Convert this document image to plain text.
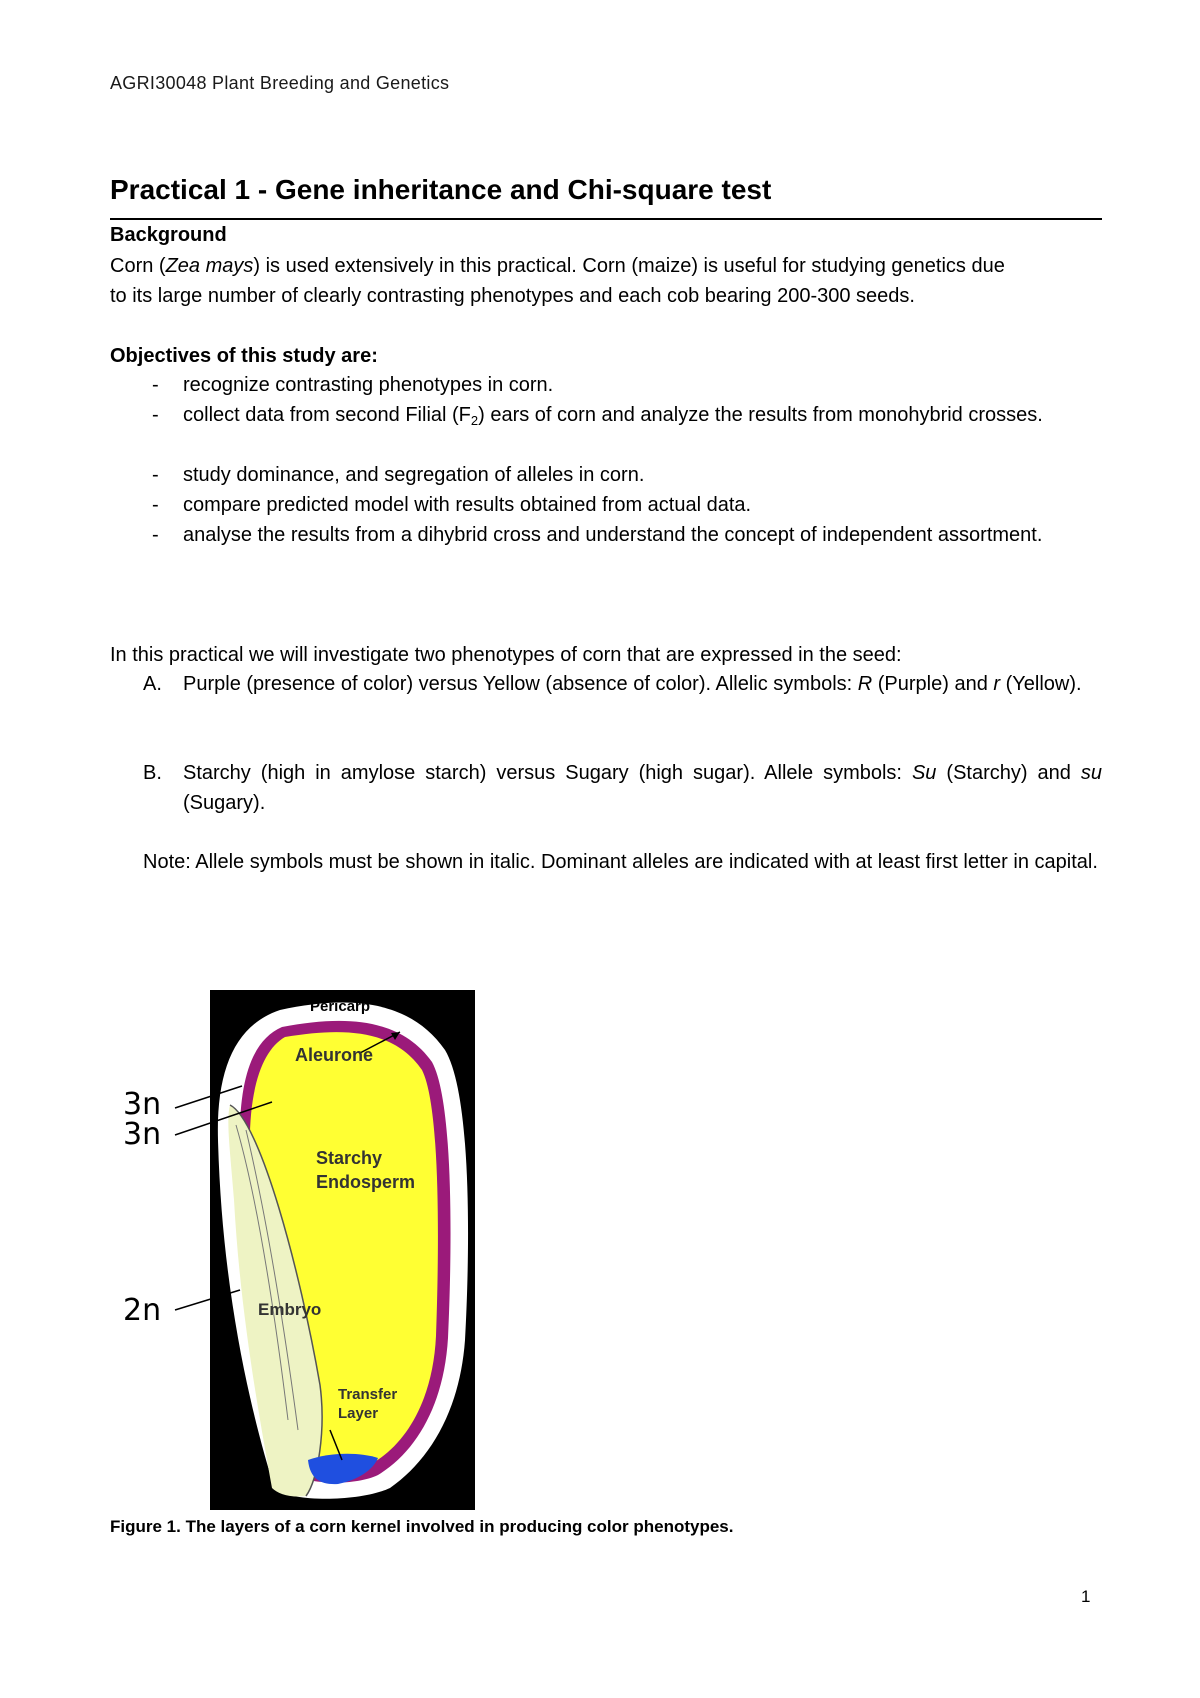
AGRI30048 Plant Breeding and Genetics
Practical 1 - Gene inheritance and Chi-square test
Background
Corn (Zea mays) is used extensively in this practical. Corn (maize) is useful for studying genetics due
to its large number of clearly contrasting phenotypes and each cob bearing 200-300 seeds.
Objectives of this study are:
- recognize contrasting phenotypes in corn.
- collect data from second Filial $(F_2)$ ears of corn and analyze the results from monohybrid crosses.
- study dominance, and segregation of alleles in corn.
- compare predicted model with results obtained from actual data.
- analyse the results from a dihybrid cross and understand the concept of independent assortment.
In this practical we will investigate two phenotypes of corn that are expressed in the seed:
A. Purple (presence of color) versus Yellow (absence of color). Allelic symbols: R (Purple) and r (Yellow).
B. Starchy (high in amylose starch) versus Sugary (high sugar). Allele symbols: Su (Starchy) and su (Sugary).
Note: Allele symbols must be shown in italic. Dominant alleles are indicated with at least first letter in capital.
Pericarp
Aleurone
Starchy
Endosperm
Embryo
Transfer
Layer
3n
3n
2n
Figure 1. The layers of a corn kernel involved in producing color phenotypes.
1
